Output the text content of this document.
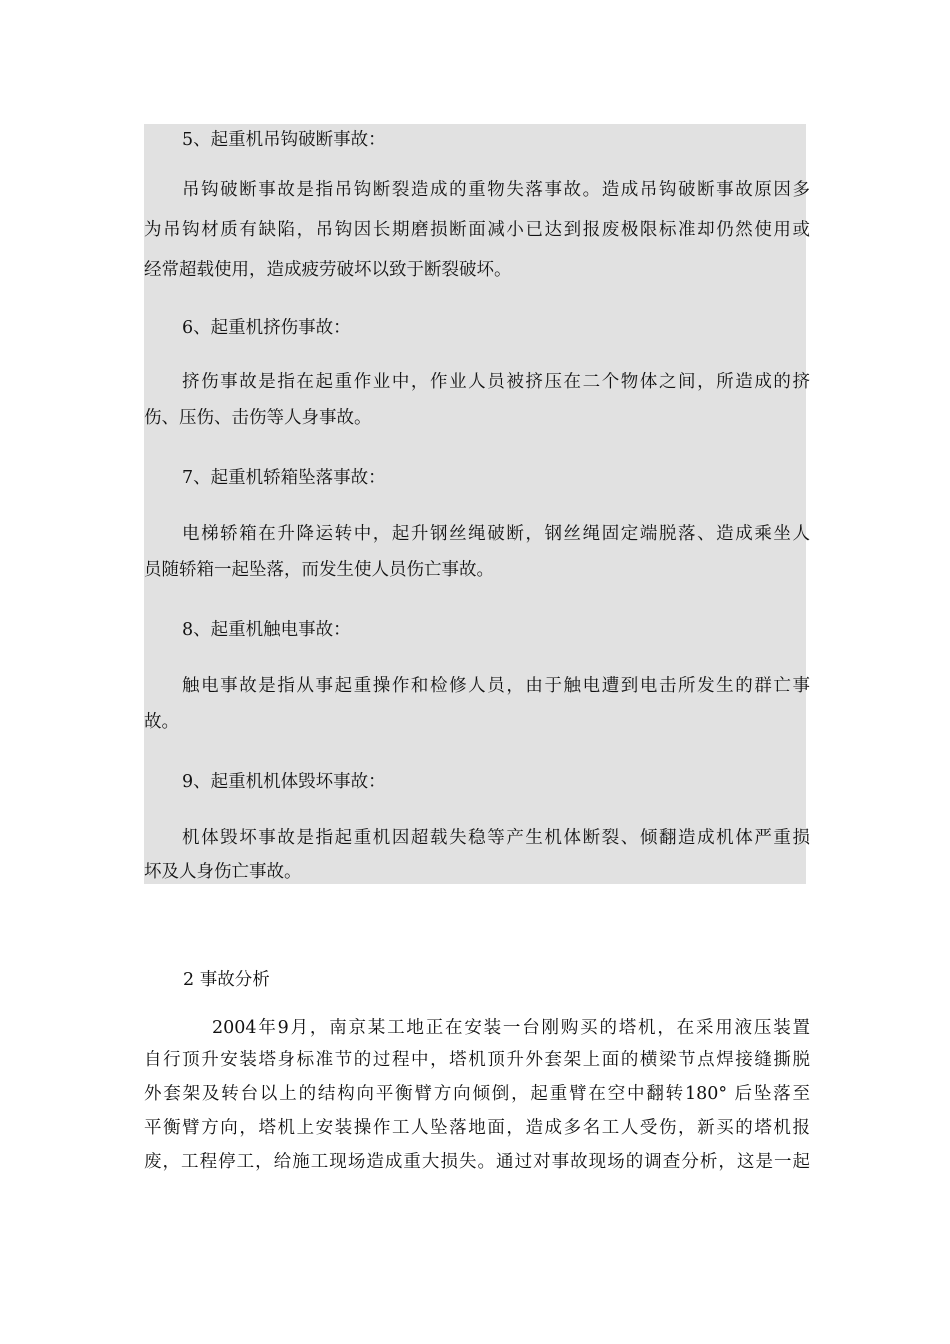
5、起重机吊钩破断事故：
吊钩破断事故是指吊钩断裂造成的重物失落事故。造成吊钩破断事故原因多
为吊钩材质有缺陷，吊钩因长期磨损断面减小已达到报废极限标准却仍然使用或
经常超载使用，造成疲劳破坏以致于断裂破坏。
6、起重机挤伤事故：
挤伤事故是指在起重作业中，作业人员被挤压在二个物体之间，所造成的挤
伤、压伤、击伤等人身事故。
7、起重机轿箱坠落事故：
电梯轿箱在升降运转中，起升钢丝绳破断，钢丝绳固定端脱落、造成乘坐人
员随轿箱一起坠落，而发生使人员伤亡事故。
8、起重机触电事故：
触电事故是指从事起重操作和检修人员，由于触电遭到电击所发生的群亡事
故。
9、起重机机体毁坏事故：
机体毁坏事故是指起重机因超载失稳等产生机体断裂、倾翻造成机体严重损
坏及人身伤亡事故。
2 事故分析
2004年9月，南京某工地正在安装一台刚购买的塔机，在采用液压装置
自行顶升安装塔身标准节的过程中，塔机顶升外套架上面的横梁节点焊接缝撕脱
外套架及转台以上的结构向平衡臂方向倾倒，起重臂在空中翻转180° 后坠落至
平衡臂方向，塔机上安装操作工人坠落地面，造成多名工人受伤，新买的塔机报
废，工程停工，给施工现场造成重大损失。通过对事故现场的调查分析，这是一起
